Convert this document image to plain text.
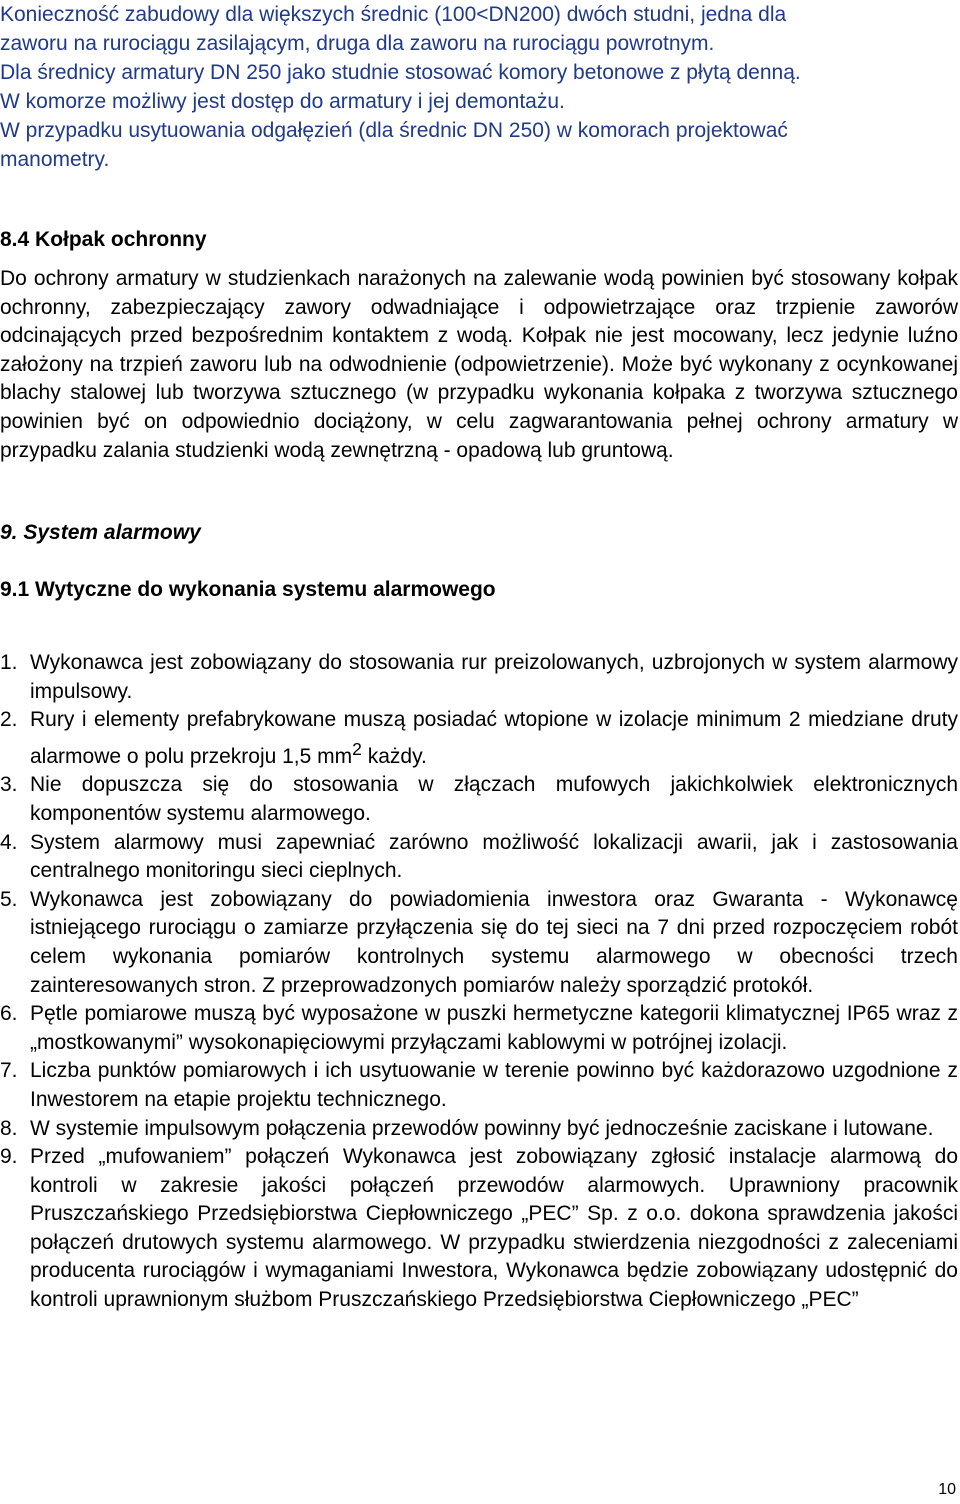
Konieczność zabudowy dla większych średnic (100<DN200) dwóch studni, jedna dla

zaworu na rurociągu zasilającym, druga dla zaworu na rurociągu powrotnym.

Dla średnicy armatury DN 250 jako studnie stosować komory betonowe z płytą denną.

W komorze możliwy jest dostęp do armatury i jej demontażu.

W przypadku usytuowania odgałęzień (dla średnic DN 250) w komorach projektować

manometry.

8.4 Kołpak ochronny

Do ochrony armatury w studzienkach narażonych na zalewanie wodą powinien być stosowany kołpak ochronny, zabezpieczający zawory odwadniające i odpowietrzające oraz trzpienie zaworów odcinających przed bezpośrednim kontaktem z wodą. Kołpak nie jest mocowany, lecz jedynie luźno założony na trzpień zaworu lub na odwodnienie (odpowietrzenie). Może być wykonany z ocynkowanej blachy stalowej lub tworzywa sztucznego (w przypadku wykonania kołpaka z tworzywa sztucznego powinien być on odpowiednio dociążony, w celu zagwarantowania pełnej ochrony armatury w przypadku zalania studzienki wodą zewnętrzną - opadową lub gruntową.

9. System alarmowy
9.1 Wytyczne do wykonania systemu alarmowego
1. Wykonawca jest zobowiązany do stosowania rur preizolowanych, uzbrojonych w system alarmowy impulsowy.
2. Rury i elementy prefabrykowane muszą posiadać wtopione w izolacje minimum 2 miedziane druty alarmowe o polu przekroju 1,5 $mm^2$ każdy.
3. Nie dopuszcza się do stosowania w złączach mufowych jakichkolwiek elektronicznych komponentów systemu alarmowego.
4. System alarmowy musi zapewniać zarówno możliwość lokalizacji awarii, jak i zastosowania centralnego monitoringu sieci cieplnych.
5. Wykonawca jest zobowiązany do powiadomienia inwestora oraz Gwaranta - Wykonawcę istniejącego rurociągu o zamiarze przyłączenia się do tej sieci na 7 dni przed rozpoczęciem robót celem wykonania pomiarów kontrolnych systemu alarmowego w obecności trzech zainteresowanych stron. Z przeprowadzonych pomiarów należy sporządzić protokół.
6. Pętle pomiarowe muszą być wyposażone w puszki hermetyczne kategorii klimatycznej IP65 wraz z „mostkowanymi” wysokonapięciowymi przyłączami kablowymi w potrójnej izolacji.
7. Liczba punktów pomiarowych i ich usytuowanie w terenie powinno być każdorazowo uzgodnione z Inwestorem na etapie projektu technicznego.
8. W systemie impulsowym połączenia przewodów powinny być jednocześnie zaciskane i lutowane.
9. Przed „mufowaniem” połączeń Wykonawca jest zobowiązany zgłosić instalacje alarmową do kontroli w zakresie jakości połączeń przewodów alarmowych. Uprawniony pracownik Pruszczańskiego Przedsiębiorstwa Ciepłowniczego „PEC” Sp. z o.o. dokona sprawdzenia jakości połączeń drutowych systemu alarmowego. W przypadku stwierdzenia niezgodności z zaleceniami producenta rurociągów i wymaganiami Inwestora, Wykonawca będzie zobowiązany udostępnić do kontroli uprawnionym służbom Pruszczańskiego Przedsiębiorstwa Ciepłowniczego „PEC”
10
